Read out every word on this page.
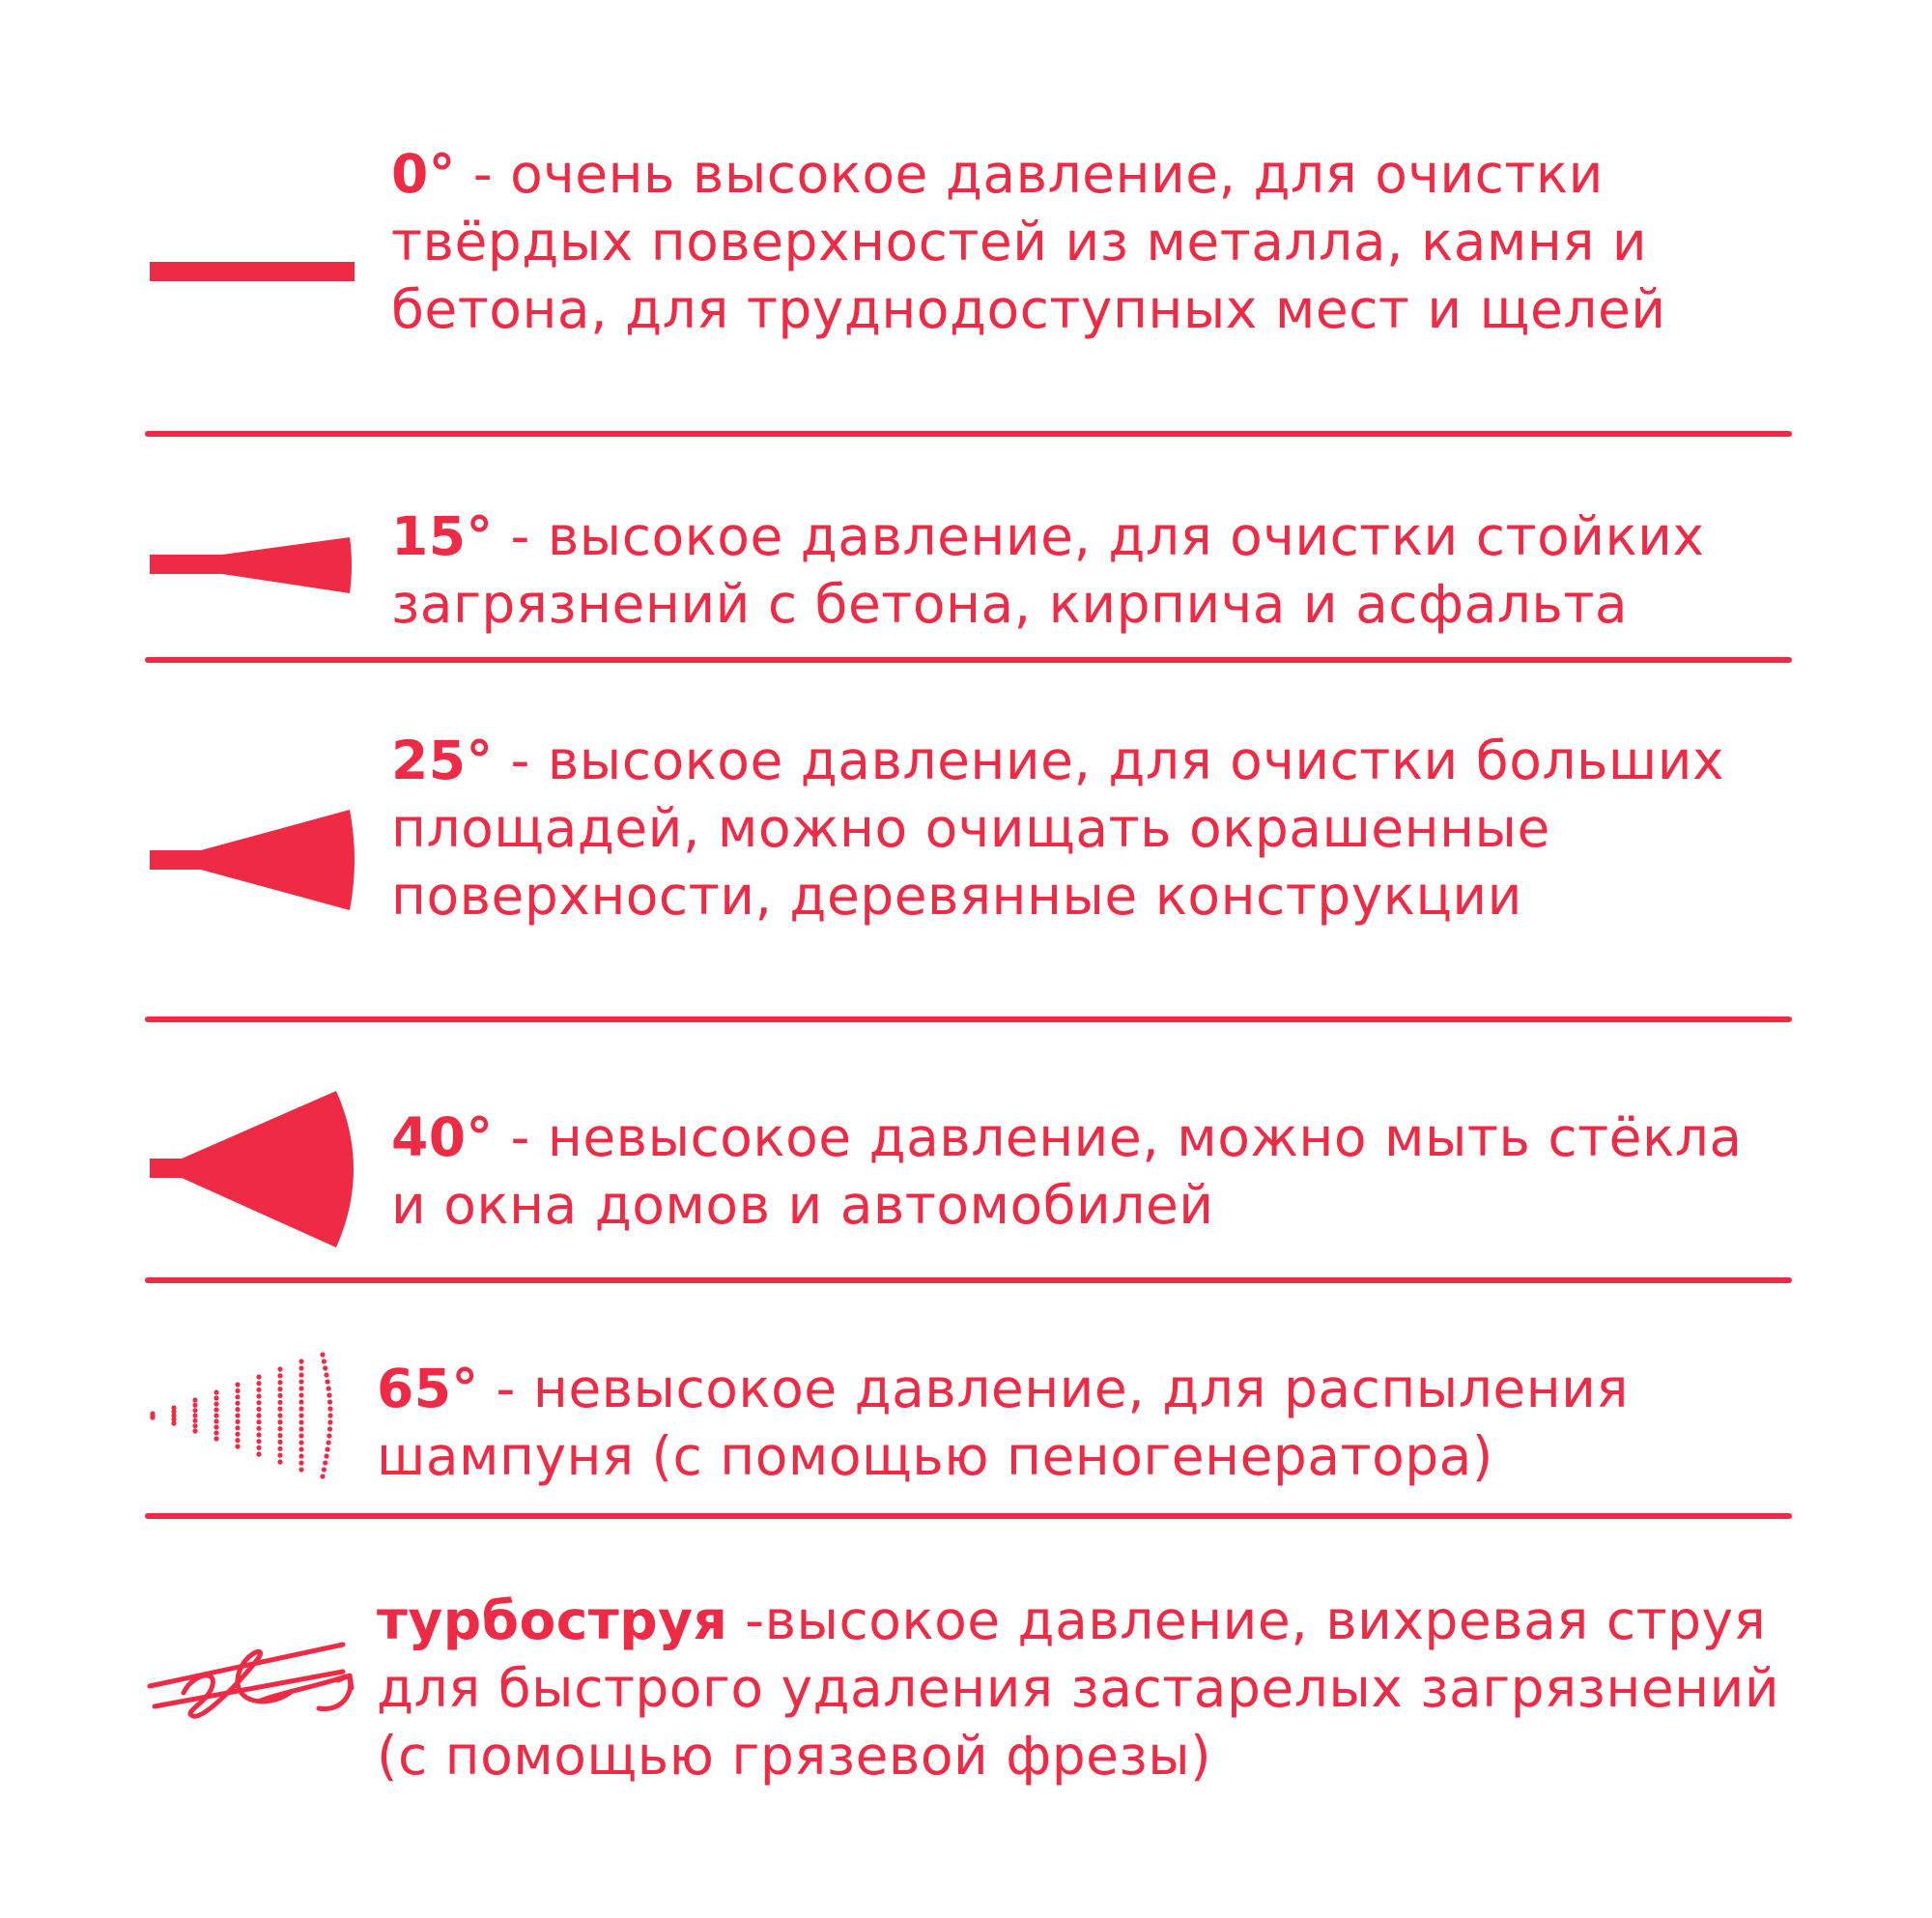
0° - очень высокое давление, для очистки твёрдых поверхностей из металла, камня и бетона, для труднодоступных мест и щелей

15° - высокое давление, для очистки стойких загрязнений с бетона, кирпича и асфальта

25° - высокое давление, для очистки больших площадей, можно очищать окрашенные поверхности, деревянные конструкции

40° - невысокое давление, можно мыть стёкла и окна домов и автомобилей

65° - невысокое давление, для распыления шампуня (с помощью пеногенератора)

турбоструя -высокое давление, вихревая струя для быстрого удаления застарелых загрязнений (с помощью грязевой фрезы)
